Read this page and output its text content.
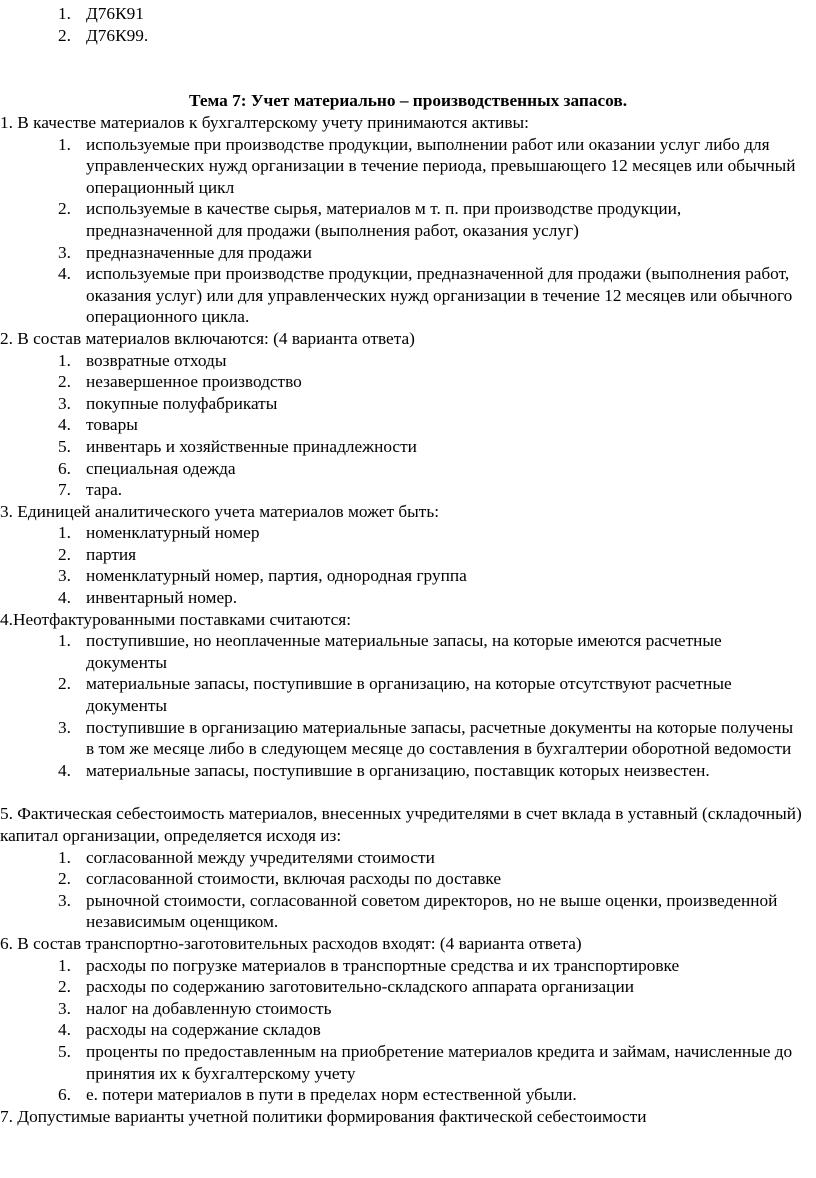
1. Д76К91
2. Д76К99.
Тема 7: Учет материально – производственных запасов.
1. В качестве материалов к бухгалтерскому учету принимаются активы:
1. используемые при производстве продукции, выполнении работ или оказании услуг либо для управленческих нужд организации в течение периода, превышающего 12 месяцев или обычный операционный цикл
2. используемые в качестве сырья, материалов м т. п. при производстве продукции, предназначенной для продажи (выполнения работ, оказания услуг)
3. предназначенные для продажи
4. используемые при производстве продукции, предназначенной для продажи (выполнения работ, оказания услуг) или для управленческих нужд организации в течение 12 месяцев или обычного операционного цикла.
2. В состав материалов включаются: (4 варианта ответа)
1. возвратные отходы
2. незавершенное производство
3. покупные полуфабрикаты
4. товары
5. инвентарь и хозяйственные принадлежности
6. специальная одежда
7. тара.
3. Единицей аналитического учета материалов может быть:
1. номенклатурный номер
2. партия
3. номенклатурный номер, партия, однородная группа
4. инвентарный номер.
4.Неотфактурованными поставками считаются:
1. поступившие, но неоплаченные материальные запасы, на которые имеются расчетные документы
2. материальные запасы, поступившие в организацию, на которые отсутствуют расчетные документы
3. поступившие в организацию материальные запасы, расчетные документы на которые получены в том же месяце либо в следующем месяце до составления в бухгалтерии оборотной ведомости
4. материальные запасы, поступившие в организацию, поставщик которых неизвестен.
5. Фактическая себестоимость материалов, внесенных учредителями в счет вклада в уставный (складочный) капитал организации, определяется исходя из:
1. согласованной между учредителями стоимости
2. согласованной стоимости, включая расходы по доставке
3. рыночной стоимости, согласованной советом директоров, но не выше оценки, произведенной независимым оценщиком.
6. В состав транспортно-заготовительных расходов входят: (4 варианта ответа)
1. расходы по погрузке материалов в транспортные средства и их транспортировке
2. расходы по содержанию заготовительно-складского аппарата организации
3. налог на добавленную стоимость
4. расходы на содержание складов
5. проценты по предоставленным на приобретение материалов кредита и займам, начисленные до принятия их к бухгалтерскому учету
6. е. потери материалов в пути в пределах норм естественной убыли.
7. Допустимые варианты учетной политики формирования фактической себестоимости
